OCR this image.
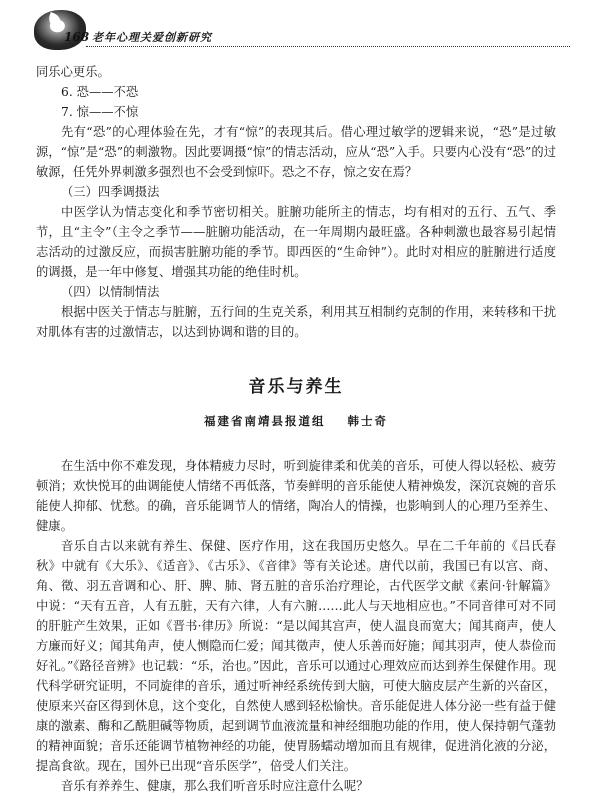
168 老年心理关爱创新研究

同乐心更乐。

6. 恐——不恐

7. 惊——不惊

先有“恐”的心理体验在先，才有“惊”的表现其后。借心理过敏学的逻辑来说，“恐”是过敏源，“惊”是“恐”的刺激物。因此要调摄“惊”的情志活动，应从“恐”入手。只要内心没有“恐”的过敏源，任凭外界刺激多强烈也不会受到惊吓。恐之不存，惊之安在焉？

（三）四季调摄法

中医学认为情志变化和季节密切相关。脏腑功能所主的情志，均有相对的五行、五气、季节，且“主令”（主令之季节——脏腑功能活动，在一年周期内最旺盛。各种刺激也最容易引起情志活动的过激反应，而损害脏腑功能的季节。即西医的“生命钟”）。此时对相应的脏腑进行适度的调摄，是一年中修复、增强其功能的绝佳时机。

（四）以情制情法

根据中医关于情志与脏腑，五行间的生克关系，利用其互相制约克制的作用，来转移和干扰对肌体有害的过激情志，以达到协调和谐的目的。

音乐与养生
福建省南靖县报道组 韩士奇

在生活中你不难发现，身体精疲力尽时，听到旋律柔和优美的音乐，可使人得以轻松、疲劳顿消；欢快悦耳的曲调能使人情绪不再低落，节奏鲜明的音乐能使人精神焕发，深沉哀婉的音乐能使人抑郁、忧愁。的确，音乐能调节人的情绪，陶冶人的情操，也影响到人的心理乃至养生、健康。

音乐自古以来就有养生、保健、医疗作用，这在我国历史悠久。早在二千年前的《吕氏春秋》中就有《大乐》、《适音》、《古乐》、《音律》等有关论述。唐代以前，我国已有以宫、商、角、徵、羽五音调和心、肝、脾、肺、肾五脏的音乐治疗理论，古代医学文献《素问·针解篇》中说：“天有五音，人有五脏，天有六律，人有六腑……此人与天地相应也。”不同音律可对不同的肝脏产生效果，正如《晋书·律历》所说：“是以闻其宫声，使人温良而宽大；闻其商声，使人方廉而好义；闻其角声，使人恻隐而仁爱；闻其徵声，使人乐善而好施；闻其羽声，使人恭俭而好礼。”《路径音辨》也记载：“乐，治也。”因此，音乐可以通过心理效应而达到养生保健作用。现代科学研究证明，不同旋律的音乐，通过听神经系统传到大脑，可使大脑皮层产生新的兴奋区，使原来兴奋区得到休息，这个变化，自然使人感到轻松愉快。音乐能促进人体分泌一些有益于健康的激素、酶和乙酰胆碱等物质，起到调节血液流量和神经细胞功能的作用，使人保持朝气蓬勃的精神面貌；音乐还能调节植物神经的功能，使胃肠蠕动增加而且有规律，促进消化液的分泌，提高食欲。现在，国外已出现“音乐医学”，倍受人们关注。

音乐有养养生、健康，那么我们听音乐时应注意什么呢？
